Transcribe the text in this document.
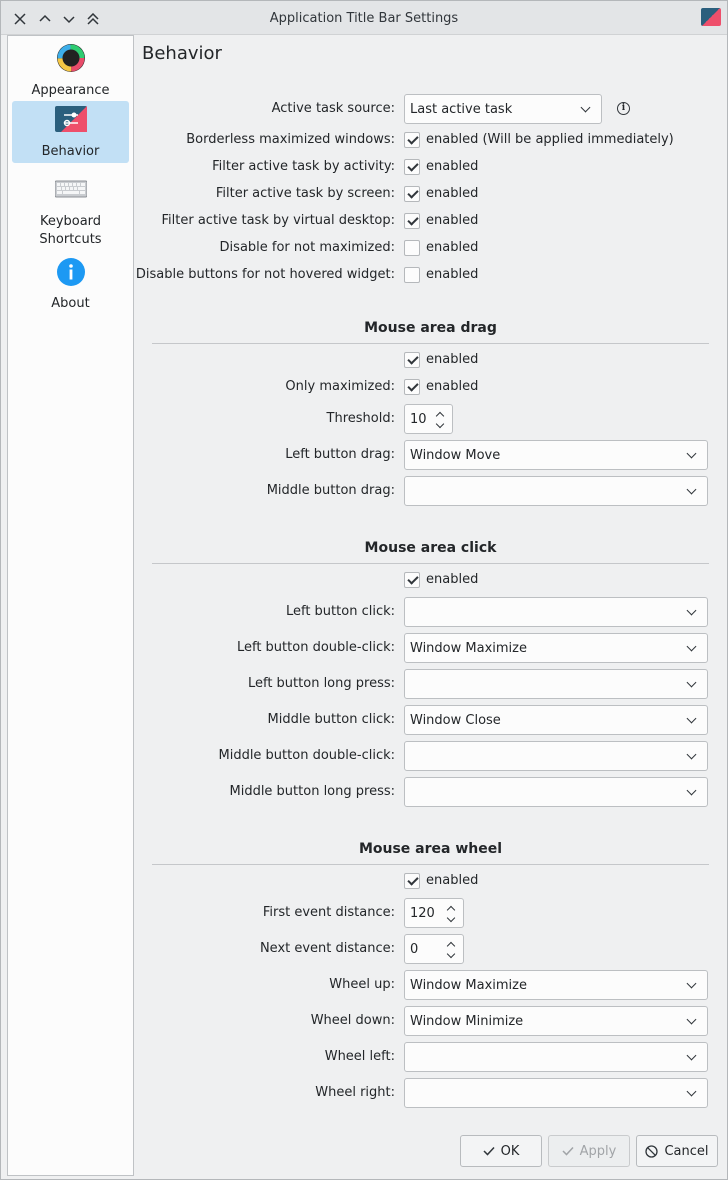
Application Title Bar Settings
Appearance
Behavior
Keyboard Shortcuts
About
Behavior
Active task source: Last active task	i
Borderless maximized windows: enabled (Will be applied immediately)
Filter active task by activity: enabled
Filter active task by screen: enabled
Filter active task by virtual desktop: enabled
Disable for not maximized: enabled
Disable buttons for not hovered widget: enabled
Mouse area drag
enabled
Only maximized: enabled
Threshold: 10
Left button drag: Window Move
Middle button drag:
Mouse area click
enabled
Left button click:
Left button double-click: Window Maximize
Left button long press:
Middle button click: Window Close
Middle button double-click:
Middle button long press:
Mouse area wheel
enabled
First event distance: 120
Next event distance: 0
Wheel up: Window Maximize
Wheel down: Window Minimize
Wheel left:
Wheel right:
OK	Apply	Cancel
